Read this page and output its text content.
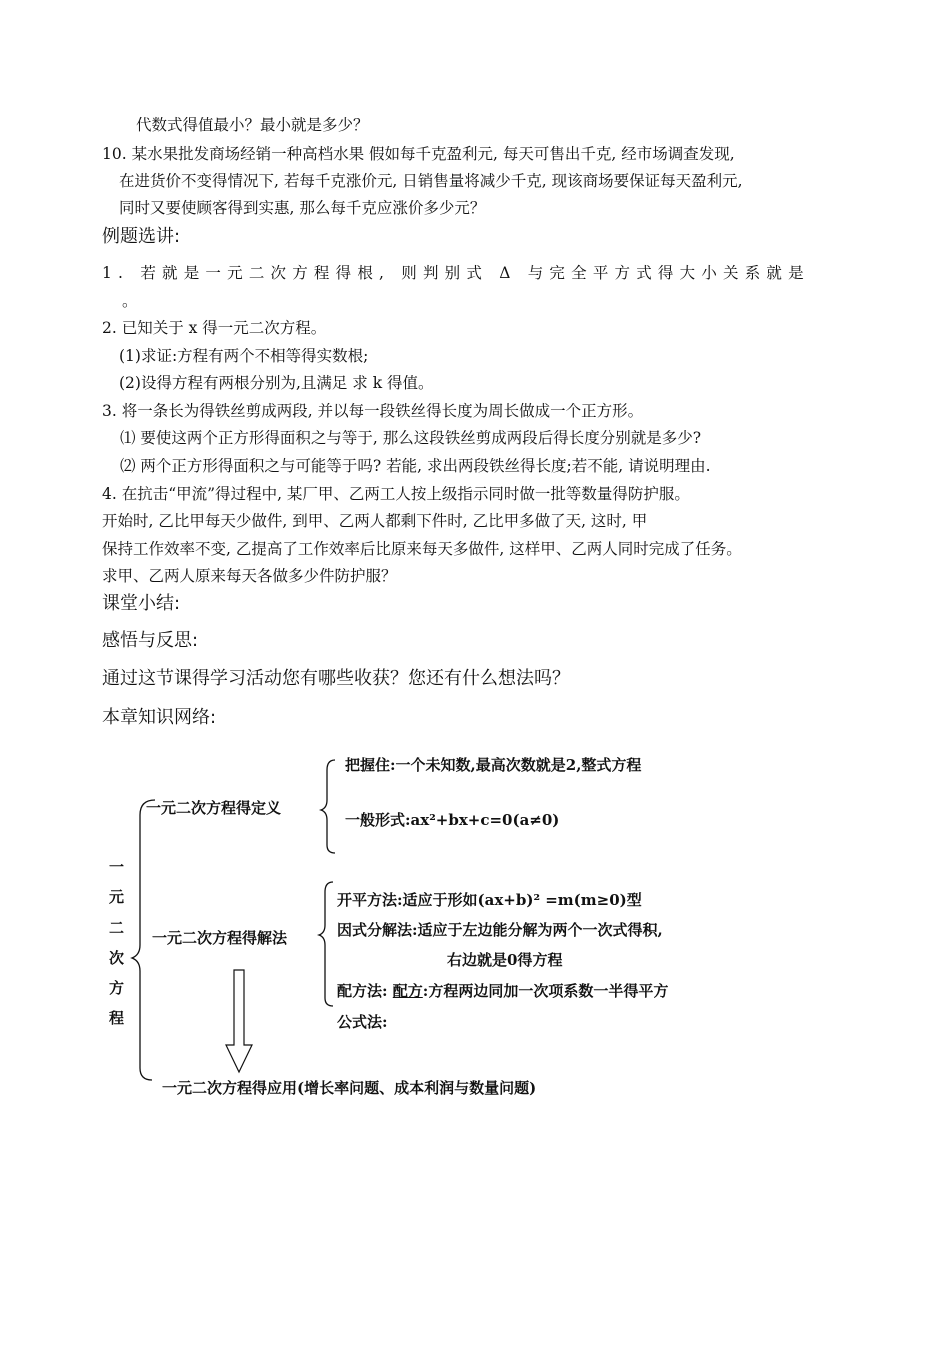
代数式得值最小？最小就是多少？
10. 某水果批发商场经销一种高档水果 假如每千克盈利元, 每天可售出千克, 经市场调查发现,
在进货价不变得情况下, 若每千克涨价元, 日销售量将减少千克, 现该商场要保证每天盈利元,
同时又要使顾客得到实惠, 那么每千克应涨价多少元？
例题选讲:
1. 若就是一元二次方程得根, 则判别式 Δ 与完全平方式得大小关系就是
。
2. 已知关于 x 得一元二次方程。
(1)求证:方程有两个不相等得实数根;
(2)设得方程有两根分别为,且满足 求 k 得值。
3. 将一条长为得铁丝剪成两段, 并以每一段铁丝得长度为周长做成一个正方形。
⑴ 要使这两个正方形得面积之与等于, 那么这段铁丝剪成两段后得长度分别就是多少?
⑵ 两个正方形得面积之与可能等于吗? 若能, 求出两段铁丝得长度;若不能, 请说明理由.
4. 在抗击“甲流”得过程中, 某厂甲、乙两工人按上级指示同时做一批等数量得防护服。
开始时, 乙比甲每天少做件, 到甲、乙两人都剩下件时, 乙比甲多做了天, 这时, 甲
保持工作效率不变, 乙提高了工作效率后比原来每天多做件, 这样甲、乙两人同时完成了任务。
求甲、乙两人原来每天各做多少件防护服？
课堂小结:
感悟与反思:
通过这节课得学习活动您有哪些收获？您还有什么想法吗？
本章知识网络:
一
元
二
次
方
程
一元二次方程得定义
把握住:一个未知数,最高次数就是2,整式方程
一般形式:ax²+bx+c=0(a≠0)
一元二次方程得解法
开平方法:适应于形如(ax+b)² =m(m≥0)型
因式分解法:适应于左边能分解为两个一次式得积,
右边就是0得方程
配方法: 配方:方程两边同加一次项系数一半得平方
公式法:
一元二次方程得应用(增长率问题、成本利润与数量问题)
